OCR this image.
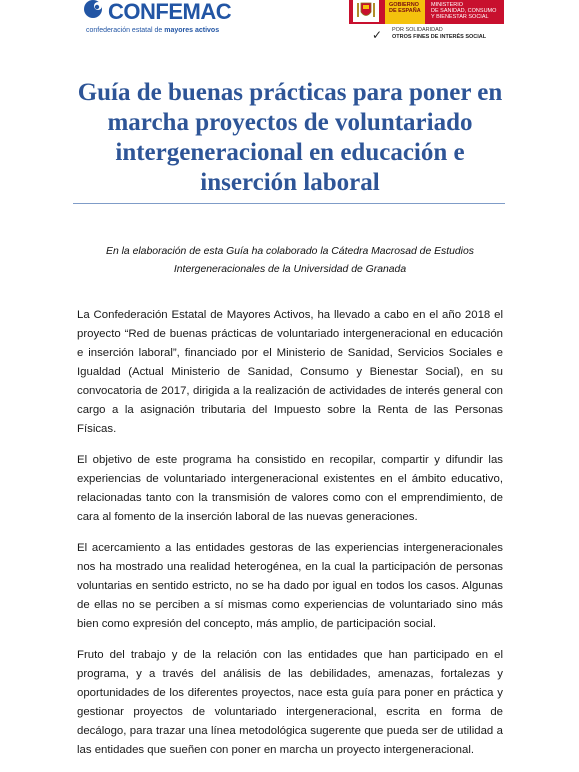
CONFEMAC
confederación estatal de mayores activos
GOBIERNO
DE ESPAÑA
MINISTERIO
DE SANIDAD, CONSUMO
Y BIENESTAR SOCIAL
✓ POR SOLIDARIDAD
OTROS FINES DE INTERÉS SOCIAL
Guía de buenas prácticas para poner en marcha proyectos de voluntariado intergeneracional en educación e inserción laboral

En la elaboración de esta Guía ha colaborado la Cátedra Macrosad de Estudios Intergeneracionales de la Universidad de Granada

La Confederación Estatal de Mayores Activos, ha llevado a cabo en el año 2018 el proyecto “Red de buenas prácticas de voluntariado intergeneracional en educación e inserción laboral”, financiado por el Ministerio de Sanidad, Servicios Sociales e Igualdad (Actual Ministerio de Sanidad, Consumo y Bienestar Social), en su convocatoria de 2017, dirigida a la realización de actividades de interés general con cargo a la asignación tributaria del Impuesto sobre la Renta de las Personas Físicas.

El objetivo de este programa ha consistido en recopilar, compartir y difundir las experiencias de voluntariado intergeneracional existentes en el ámbito educativo, relacionadas tanto con la transmisión de valores como con el emprendimiento, de cara al fomento de la inserción laboral de las nuevas generaciones.

El acercamiento a las entidades gestoras de las experiencias intergeneracionales nos ha mostrado una realidad heterogénea, en la cual la participación de personas voluntarias en sentido estricto, no se ha dado por igual en todos los casos. Algunas de ellas no se perciben a sí mismas como experiencias de voluntariado sino más bien como expresión del concepto, más amplio, de participación social.

Fruto del trabajo y de la relación con las entidades que han participado en el programa, y a través del análisis de las debilidades, amenazas, fortalezas y oportunidades de los diferentes proyectos, nace esta guía para poner en práctica y gestionar proyectos de voluntariado intergeneracional, escrita en forma de decálogo, para trazar una línea metodológica sugerente que pueda ser de utilidad a las entidades que sueñen con poner en marcha un proyecto intergeneracional.
